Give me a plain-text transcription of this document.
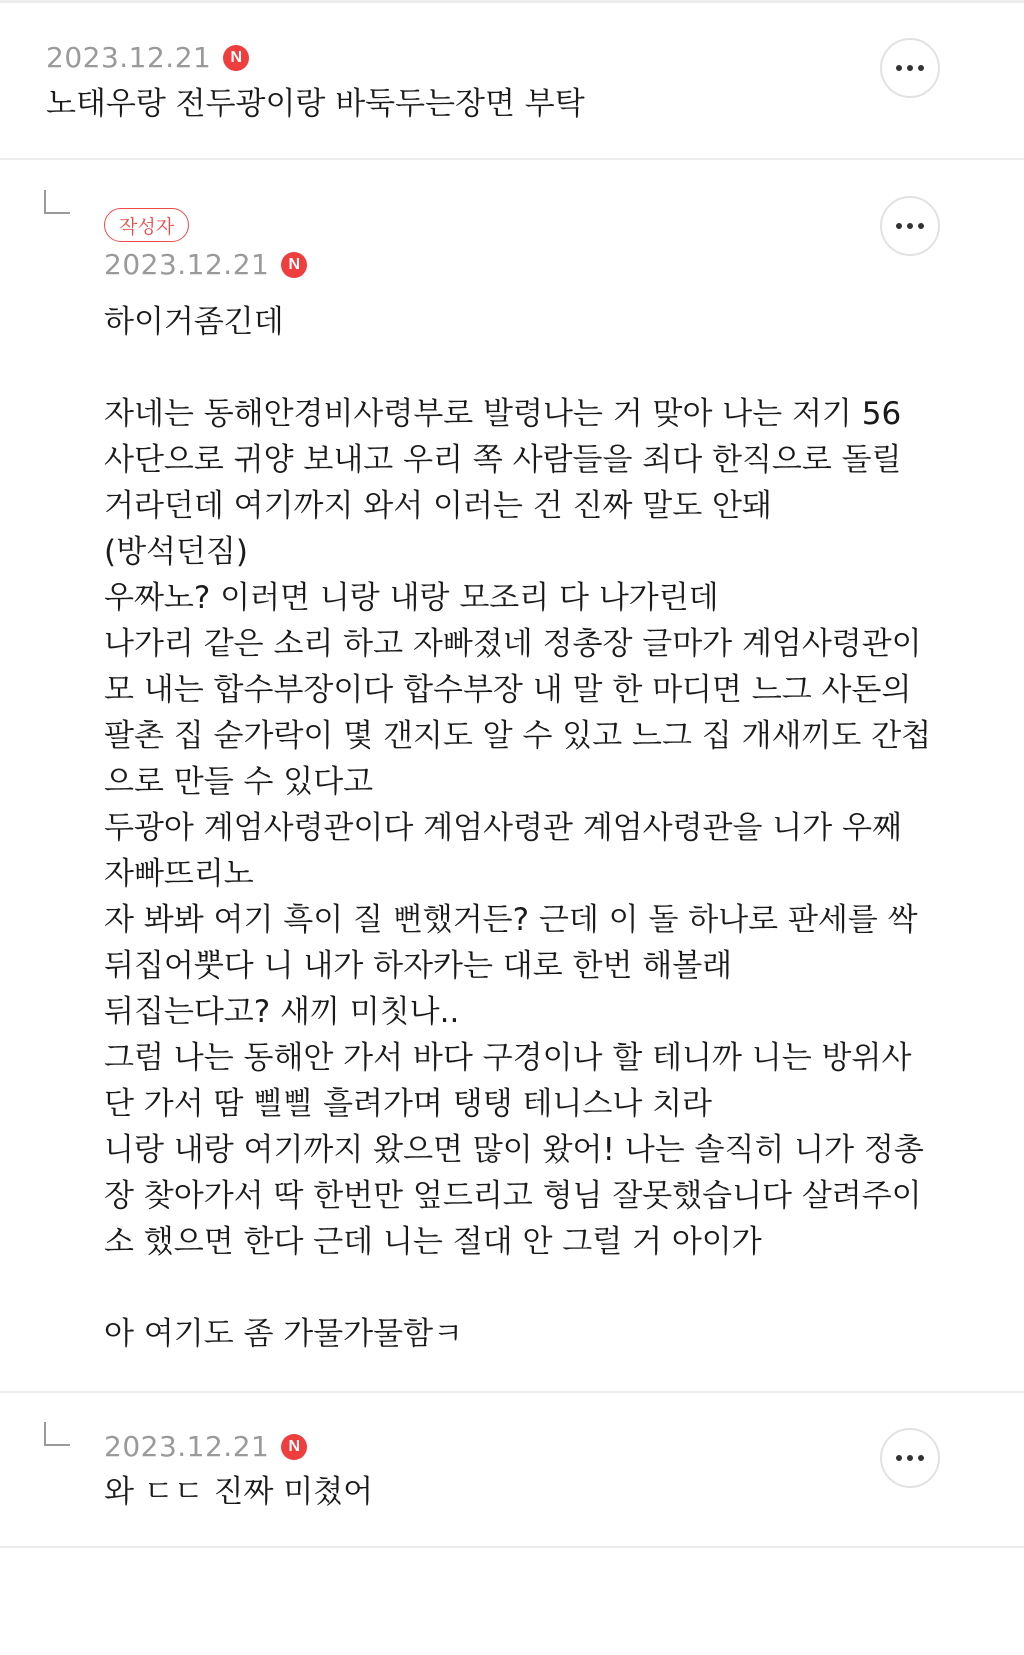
2023.12.21	N
노태우랑 전두광이랑 바둑두는장면 부탁
작성자
2023.12.21	N
하이거좀긴데
자네는 동해안경비사령부로 발령나는 거 맞아 나는 저기 56
사단으로 귀양 보내고 우리 쪽 사람들을 죄다 한직으로 돌릴
거라던데 여기까지 와서 이러는 건 진짜 말도 안돼
(방석던짐)
우짜노? 이러면 니랑 내랑 모조리 다 나가린데
나가리 같은 소리 하고 자빠졌네 정총장 글마가 계엄사령관이
모 내는 합수부장이다 합수부장 내 말 한 마디면 느그 사돈의
팔촌 집 숟가락이 몇 갠지도 알 수 있고 느그 집 개새끼도 간첩
으로 만들 수 있다고
두광아 계엄사령관이다 계엄사령관 계엄사령관을 니가 우째
자빠뜨리노
자 봐봐 여기 흑이 질 뻔했거든? 근데 이 돌 하나로 판세를 싹
뒤집어뿟다 니 내가 하자카는 대로 한번 해볼래
뒤집는다고? 새끼 미칫나..
그럼 나는 동해안 가서 바다 구경이나 할 테니까 니는 방위사
단 가서 땀 삘삘 흘려가며 탱탱 테니스나 치라
니랑 내랑 여기까지 왔으면 많이 왔어! 나는 솔직히 니가 정총
장 찾아가서 딱 한번만 엎드리고 형님 잘못했습니다 살려주이
소 했으면 한다 근데 니는 절대 안 그럴 거 아이가
아 여기도 좀 가물가물함ㅋ
2023.12.21	N
와 ㄷㄷ 진짜 미쳤어
